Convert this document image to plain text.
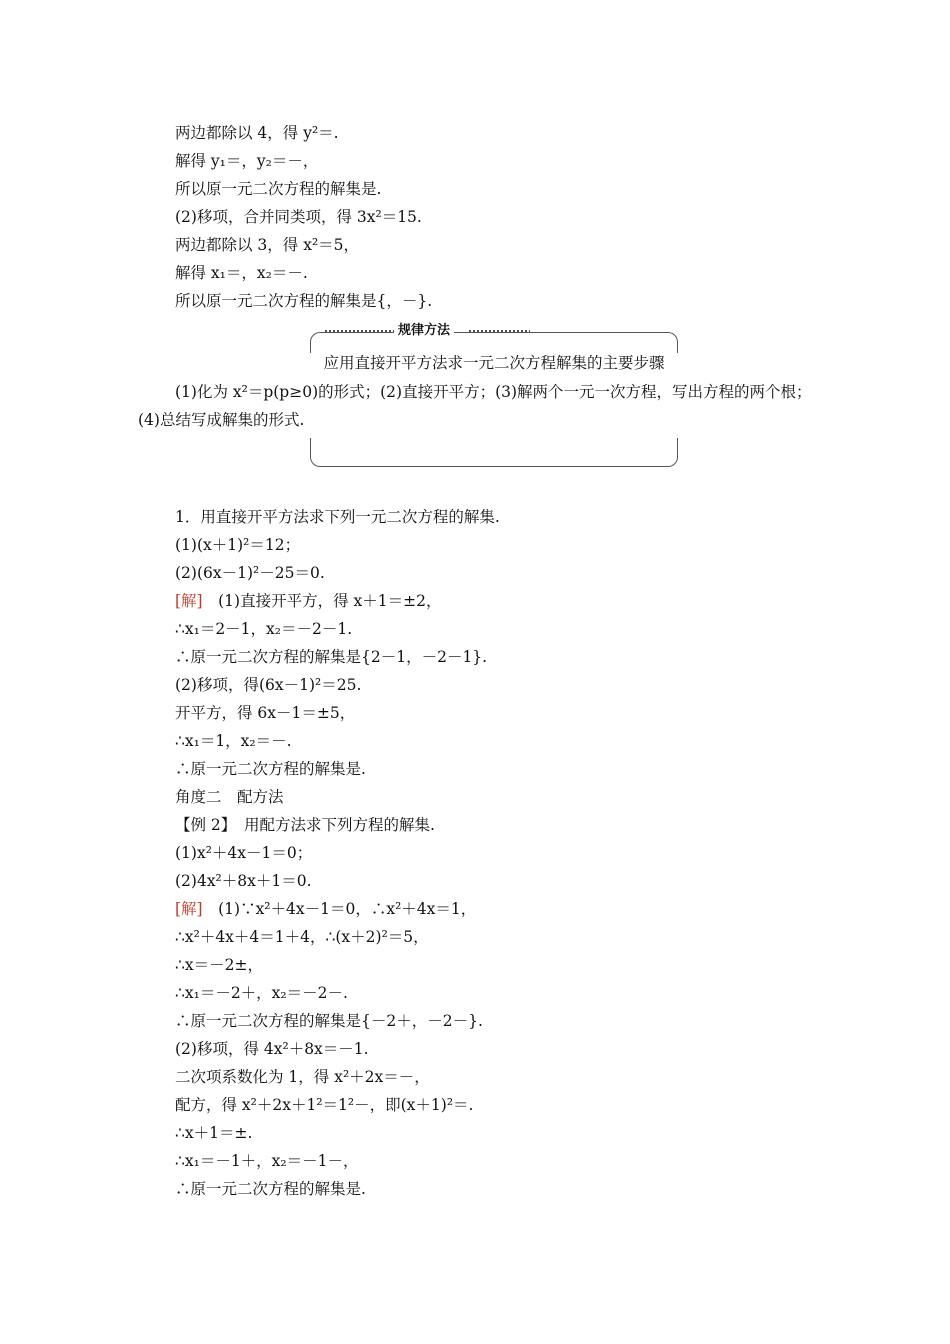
两边都除以 4，得 y²＝.
解得 y₁＝，y₂＝－，
所以原一元二次方程的解集是.
(2)移项，合并同类项，得 3x²＝15.
两边都除以 3，得 x²＝5，
解得 x₁＝，x₂＝－.
所以原一元二次方程的解集是{，－}.
规律方法
应用直接开平方法求一元二次方程解集的主要步骤
(1)化为 x²＝p(p≥0)的形式；(2)直接开平方；(3)解两个一元一次方程，写出方程的两个根；(4)总结写成解集的形式.
1．用直接开平方法求下列一元二次方程的解集.
(1)(x＋1)²＝12；
(2)(6x－1)²－25＝0.
[解]　(1)直接开平方，得 x＋1＝±2，
∴x₁＝2－1，x₂＝－2－1.
∴原一元二次方程的解集是{2－1，－2－1}.
(2)移项，得(6x－1)²＝25.
开平方，得 6x－1＝±5，
∴x₁＝1，x₂＝－.
∴原一元二次方程的解集是.
角度二　配方法
【例 2】　用配方法求下列方程的解集.
(1)x²＋4x－1＝0；
(2)4x²＋8x＋1＝0.
[解]　(1)∵x²＋4x－1＝0，∴x²＋4x＝1，
∴x²＋4x＋4＝1＋4，∴(x＋2)²＝5，
∴x＝－2±，
∴x₁＝－2＋，x₂＝－2－.
∴原一元二次方程的解集是{－2＋，－2－}.
(2)移项，得 4x²＋8x＝－1.
二次项系数化为 1，得 x²＋2x＝－，
配方，得 x²＋2x＋1²＝1²－，即(x＋1)²＝.
∴x＋1＝±.
∴x₁＝－1＋，x₂＝－1－，
∴原一元二次方程的解集是.
